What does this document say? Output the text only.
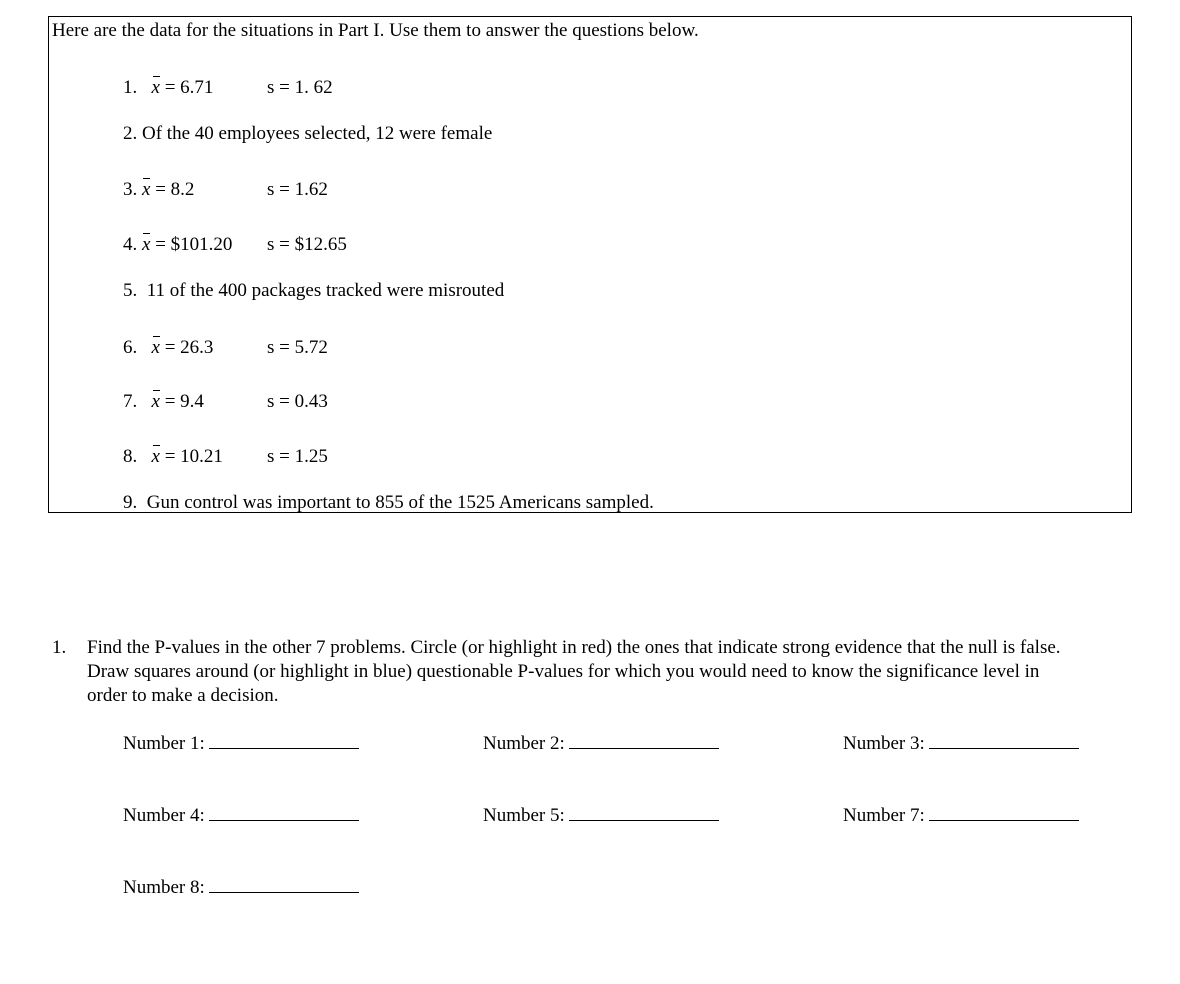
Here are the data for the situations in Part I. Use them to answer the questions below.
1. x = 6.71	s = 1. 62
2. Of the 40 employees selected, 12 were female
3. x = 8.2	s = 1.62
4. x = $101.20 s = $12.65
5. 11 of the 400 packages tracked were misrouted
6. x = 26.3	s = 5.72
7. x = 9.4	s = 0.43
8. x = 10.21 s = 1.25
9. Gun control was important to 855 of the 1525 Americans sampled.
1. Find the P-values in the other 7 problems. Circle (or highlight in red) the ones that indicate strong evidence that the null is false.
Draw squares around (or highlight in blue) questionable P-values for which you would need to know the significance level in
order to make a decision.
Number 1:	Number 2:	Number 3:
Number 4:	Number 5:	Number 7:
Number 8:
